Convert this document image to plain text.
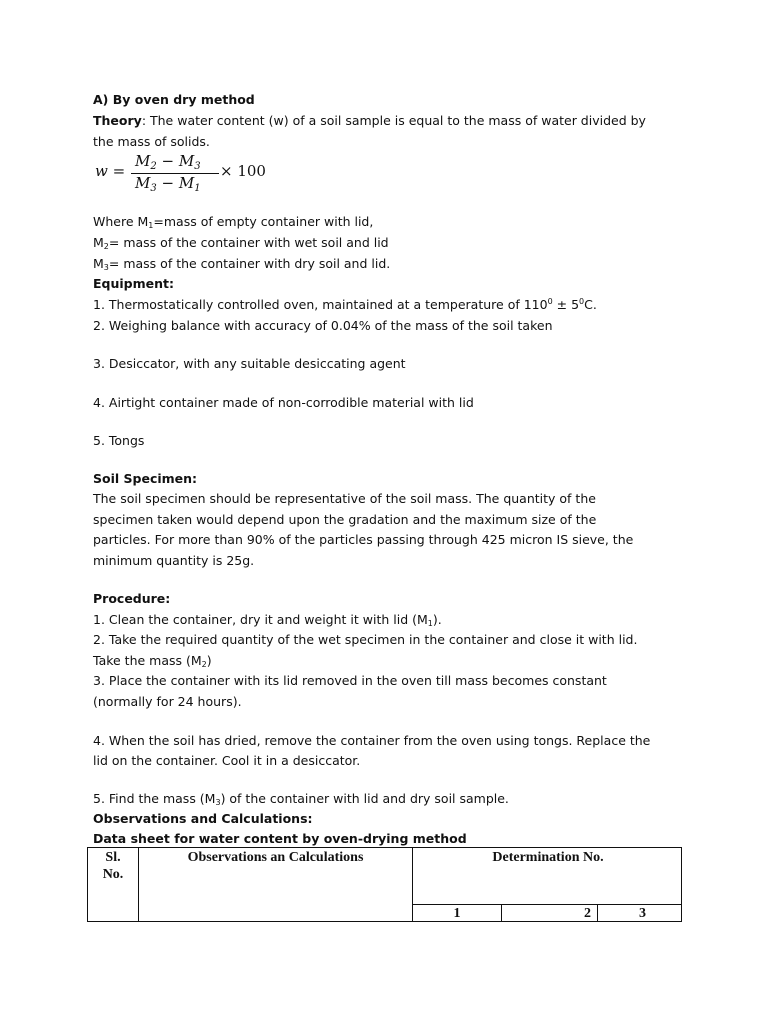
A) By oven dry method
Theory: The water content (w) of a soil sample is equal to the mass of water divided by
the mass of solids.
w =
$M_2 - M_3$
$M_3 - M_1$
× 100
Where $M_1=mass$ of empty container with lid,
$M_2=$ mass of the container with wet soil and lid
$M_3=$ mass of the container with dry soil and lid.
Equipment:
1. Thermostatically controlled oven, maintained at a temperature of $110^0 \pm 5^0C$.
2. Weighing balance with accuracy of 0.04% of the mass of the soil taken
3. Desiccator, with any suitable desiccating agent
4. Airtight container made of non-corrodible material with lid
5. Tongs
Soil Specimen:
The soil specimen should be representative of the soil mass. The quantity of the
specimen taken would depend upon the gradation and the maximum size of the
particles. For more than 90% of the particles passing through 425 micron IS sieve, the
minimum quantity is 25g.
Procedure:
1. Clean the container, dry it and weight it with lid $(M_1)$.
2. Take the required quantity of the wet specimen in the container and close it with lid.
Take the mass $(M_2)$
3. Place the container with its lid removed in the oven till mass becomes constant
(normally for 24 hours).
4. When the soil has dried, remove the container from the oven using tongs. Replace the
lid on the container. Cool it in a desiccator.
5. Find the mass $(M_3)$ of the container with lid and dry soil sample.
Observations and Calculations:
Data sheet for water content by oven-drying method
Sl.
No.
Observations an Calculations	Determination No.
1	2	3
